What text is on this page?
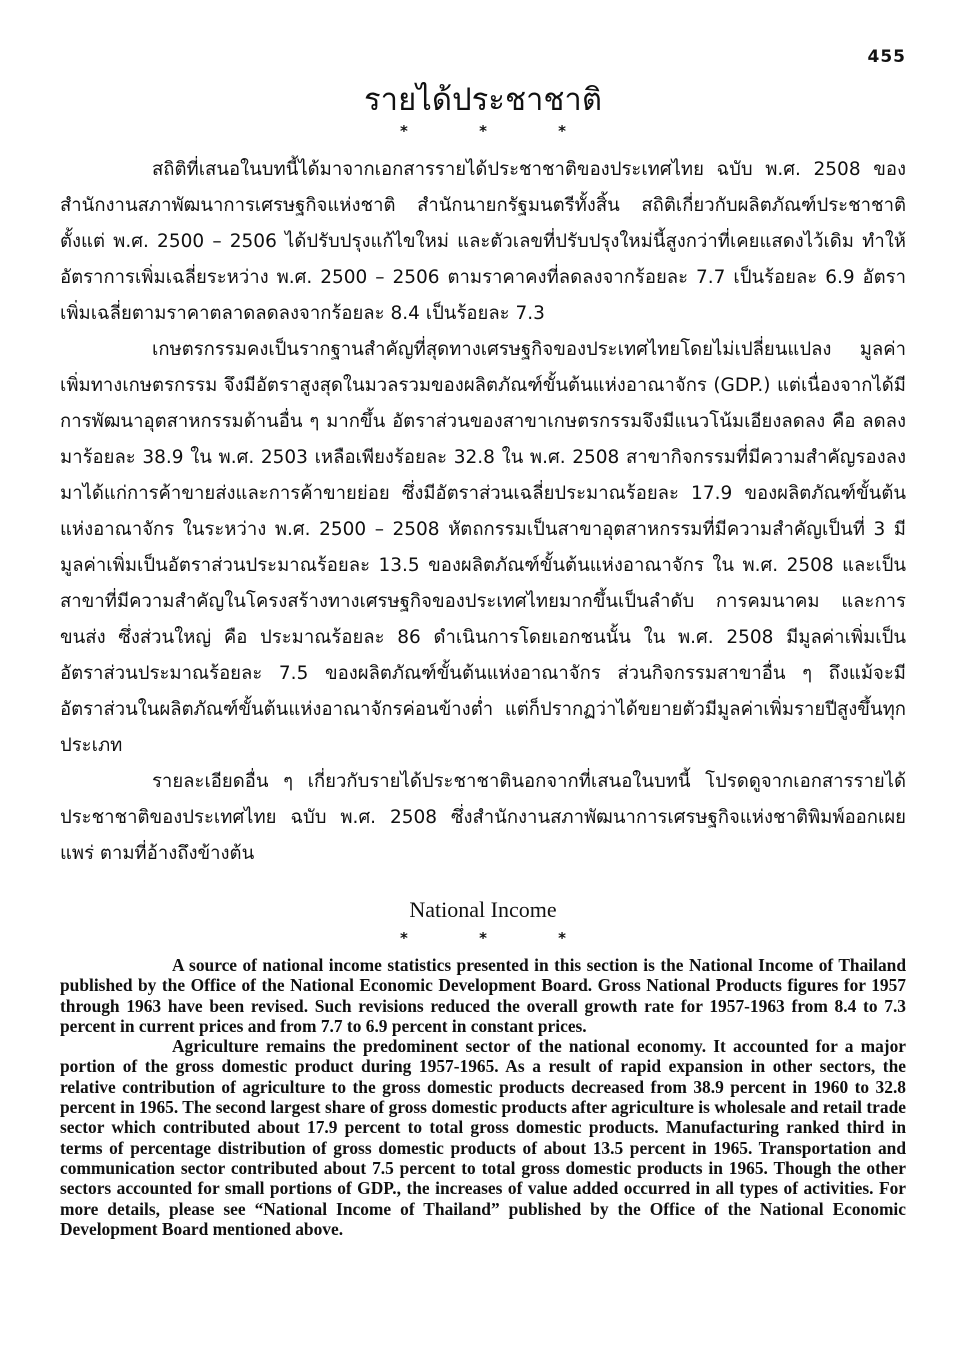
455
รายได้ประชาชาติ
*	*	*

สถิติที่เสนอในบทนี้ได้มาจากเอกสารรายได้ประชาชาติของประเทศไทย ฉบับ พ.ศ. 2508 ของสำนักงานสภาพัฒนาการเศรษฐกิจแห่งชาติ สำนักนายกรัฐมนตรีทั้งสิ้น สถิติเกี่ยวกับผลิตภัณฑ์ประชาชาติตั้งแต่ พ.ศ. 2500 – 2506 ได้ปรับปรุงแก้ไขใหม่ และตัวเลขที่ปรับปรุงใหม่นี้สูงกว่าที่เคยแสดงไว้เดิม ทำให้อัตราการเพิ่มเฉลี่ยระหว่าง พ.ศ. 2500 – 2506 ตามราคาคงที่ลดลงจากร้อยละ 7.7 เป็นร้อยละ 6.9 อัตราเพิ่มเฉลี่ยตามราคาตลาดลดลงจากร้อยละ 8.4 เป็นร้อยละ 7.3

เกษตรกรรมคงเป็นรากฐานสำคัญที่สุดทางเศรษฐกิจของประเทศไทยโดยไม่เปลี่ยนแปลง มูลค่าเพิ่มทางเกษตรกรรม จึงมีอัตราสูงสุดในมวลรวมของผลิตภัณฑ์ขั้นต้นแห่งอาณาจักร (GDP.) แต่เนื่องจากได้มีการพัฒนาอุตสาหกรรมด้านอื่น ๆ มากขึ้น อัตราส่วนของสาขาเกษตรกรรมจึงมีแนวโน้มเอียงลดลง คือ ลดลงมาร้อยละ 38.9 ใน พ.ศ. 2503 เหลือเพียงร้อยละ 32.8 ใน พ.ศ. 2508 สาขากิจกรรมที่มีความสำคัญรองลงมาได้แก่การค้าขายส่งและการค้าขายย่อย ซึ่งมีอัตราส่วนเฉลี่ยประมาณร้อยละ 17.9 ของผลิตภัณฑ์ขั้นต้นแห่งอาณาจักร ในระหว่าง พ.ศ. 2500 – 2508 หัตถกรรมเป็นสาขาอุตสาหกรรมที่มีความสำคัญเป็นที่ 3 มีมูลค่าเพิ่มเป็นอัตราส่วนประมาณร้อยละ 13.5 ของผลิตภัณฑ์ขั้นต้นแห่งอาณาจักร ใน พ.ศ. 2508 และเป็นสาขาที่มีความสำคัญในโครงสร้างทางเศรษฐกิจของประเทศไทยมากขึ้นเป็นลำดับ การคมนาคม และการขนส่ง ซึ่งส่วนใหญ่ คือ ประมาณร้อยละ 86 ดำเนินการโดยเอกชนนั้น ใน พ.ศ. 2508 มีมูลค่าเพิ่มเป็นอัตราส่วนประมาณร้อยละ 7.5 ของผลิตภัณฑ์ขั้นต้นแห่งอาณาจักร ส่วนกิจกรรมสาขาอื่น ๆ ถึงแม้จะมีอัตราส่วนในผลิตภัณฑ์ขั้นต้นแห่งอาณาจักรค่อนข้างต่ำ แต่ก็ปรากฏว่าได้ขยายตัวมีมูลค่าเพิ่มรายปีสูงขึ้นทุกประเภท

รายละเอียดอื่น ๆ เกี่ยวกับรายได้ประชาชาตินอกจากที่เสนอในบทนี้ โปรดดูจากเอกสารรายได้ประชาชาติของประเทศไทย ฉบับ พ.ศ. 2508 ซึ่งสำนักงานสภาพัฒนาการเศรษฐกิจแห่งชาติพิมพ์ออกเผยแพร่ ตามที่อ้างถึงข้างต้น

National Income
*	*	*

A source of national income statistics presented in this section is the National Income of Thailand published by the Office of the National Economic Development Board. Gross National Products figures for 1957 through 1963 have been revised. Such revisions reduced the overall growth rate for 1957-1963 from 8.4 to 7.3 percent in current prices and from 7.7 to 6.9 percent in constant prices.

Agriculture remains the predominent sector of the national economy. It accounted for a major portion of the gross domestic product during 1957-1965. As a result of rapid expansion in other sectors, the relative contribution of agriculture to the gross domestic products decreased from 38.9 percent in 1960 to 32.8 percent in 1965. The second largest share of gross domestic products after agriculture is wholesale and retail trade sector which contributed about 17.9 percent to total gross domestic products. Manufacturing ranked third in terms of percentage distribution of gross domestic products of about 13.5 percent in 1965. Transportation and communication sector contributed about 7.5 percent to total gross domestic products in 1965. Though the other sectors accounted for small portions of GDP., the increases of value added occurred in all types of activities. For more details, please see “National Income of Thailand” published by the Office of the National Economic Development Board mentioned above.
